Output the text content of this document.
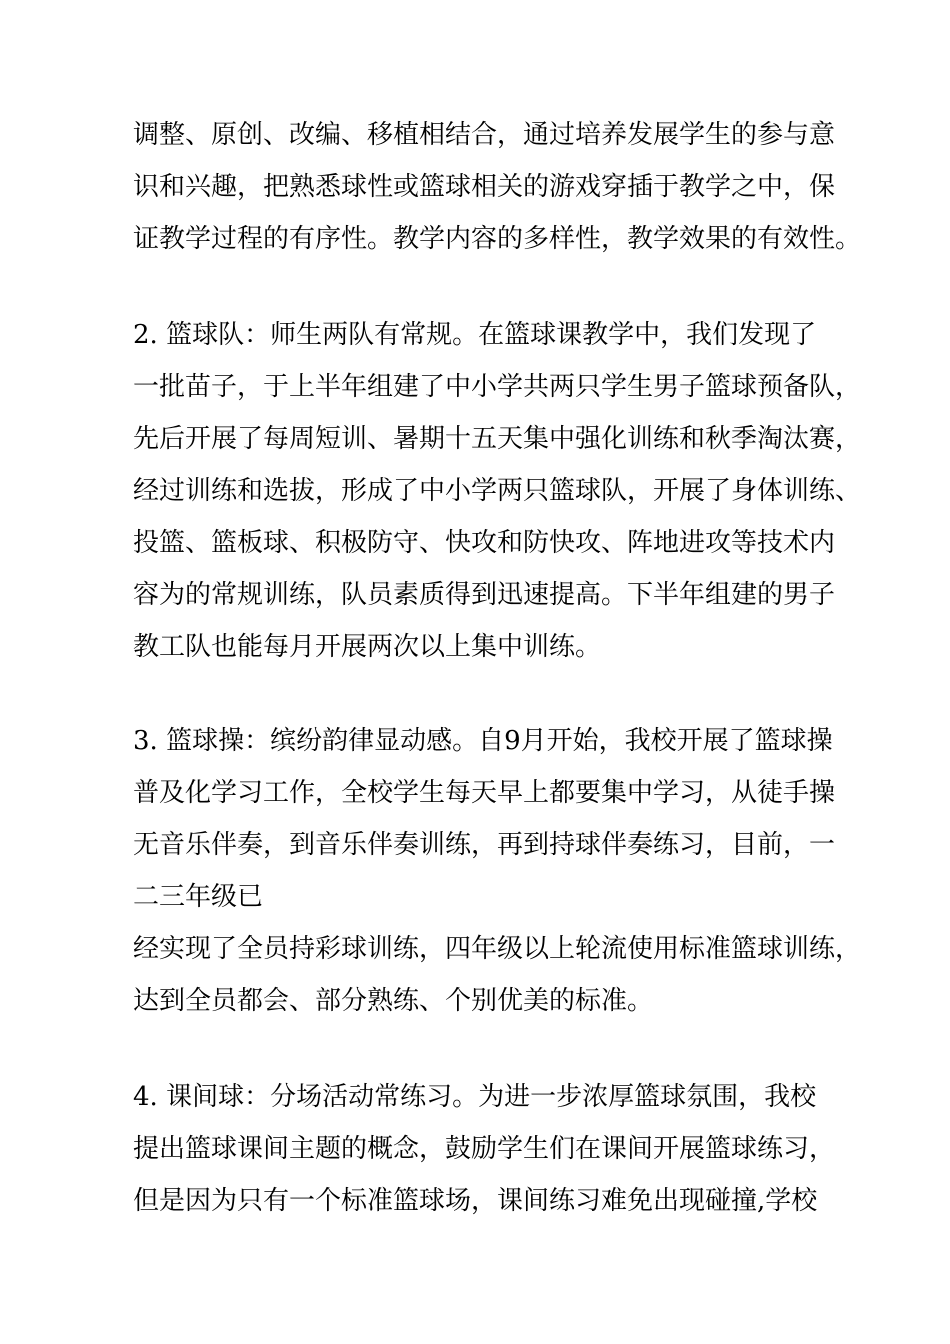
调整、原创、改编、移植相结合，通过培养发展学生的参与意
识和兴趣，把熟悉球性或篮球相关的游戏穿插于教学之中，保
证教学过程的有序性。教学内容的多样性，教学效果的有效性。
2. 篮球队：师生两队有常规。在篮球课教学中，我们发现了
一批苗子，于上半年组建了中小学共两只学生男子篮球预备队，
先后开展了每周短训、暑期十五天集中强化训练和秋季淘汰赛，
经过训练和选拔，形成了中小学两只篮球队，开展了身体训练、
投篮、篮板球、积极防守、快攻和防快攻、阵地进攻等技术内
容为的常规训练，队员素质得到迅速提高。下半年组建的男子
教工队也能每月开展两次以上集中训练。
3. 篮球操：缤纷韵律显动感。自9月开始，我校开展了篮球操
普及化学习工作，全校学生每天早上都要集中学习，从徒手操
无音乐伴奏，到音乐伴奏训练，再到持球伴奏练习，目前，一
二三年级已
经实现了全员持彩球训练，四年级以上轮流使用标准篮球训练，
达到全员都会、部分熟练、个别优美的标准。
4. 课间球：分场活动常练习。为进一步浓厚篮球氛围，我校
提出篮球课间主题的概念，鼓励学生们在课间开展篮球练习，
但是因为只有一个标准篮球场，课间练习难免出现碰撞,学校
